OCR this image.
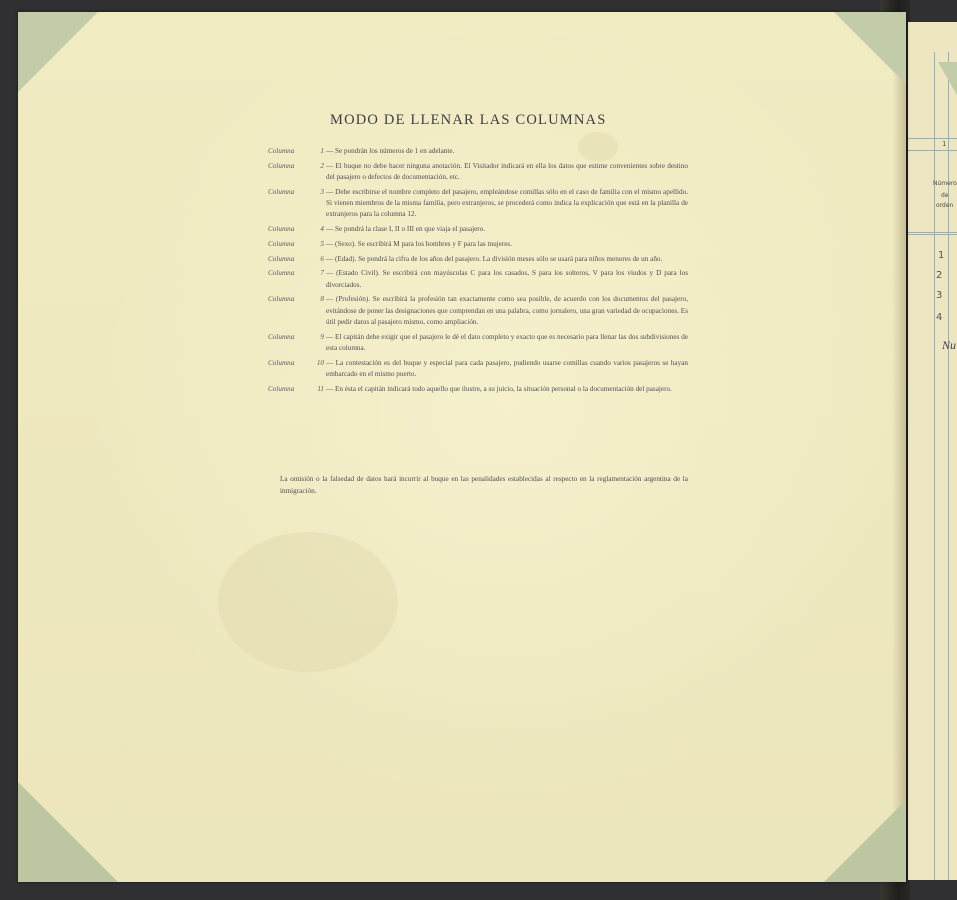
1
Número
de
orden
1
2
3
4
Nu
MODO DE LLENAR LAS COLUMNAS
Columna	1 — Se pondrán los números de 1 en adelante.
Columna	2 — El buque no debe hacer ninguna anotación. El Visitador indicará en ella los datos que estime convenientes sobre destino del pasajero o defectos de documentación, etc.
Columna	3 — Debe escribirse el nombre completo del pasajero, empleándose comillas sólo en el caso de familia con el mismo apellido. Si vienen miembros de la misma familia, pero extranjeros, se procederá como indica la explicación que está en la planilla de extranjeros para la columna 12.
Columna	4 — Se pondrá la clase I, II o III en que viaja el pasajero.
Columna	5 — (Sexo). Se escribirá M para los hombres y F para las mujeres.
Columna	6 — (Edad). Se pondrá la cifra de los años del pasajero. La división meses sólo se usará para niños menores de un año.
Columna	7 — (Estado Civil). Se escribirá con mayúsculas C para los casados, S para los solteros, V para los viudos y D para los divorciados.
Columna	8 — (Profesión). Se escribirá la profesión tan exactamente como sea posible, de acuerdo con los documentos del pasajero, evitándose de poner las designaciones que comprendan en una palabra, como jornalero, una gran variedad de ocupaciones. Es útil pedir datos al pasajero mismo, como ampliación.
Columna	9 — El capitán debe exigir que el pasajero le dé el dato completo y exacto que es necesario para llenar las dos subdivisiones de esta columna.
Columna	10 — La contestación es del buque y especial para cada pasajero, pudiendo usarse comillas cuando varios pasajeros se hayan embarcado en el mismo puerto.
Columna	11 — En ésta el capitán indicará todo aquello que ilustre, a su juicio, la situación personal o la documentación del pasajero.
La omisión o la falsedad de datos hará incurrir al buque en las penalidades establecidas al respecto en la reglamentación argentina de la inmigración.
